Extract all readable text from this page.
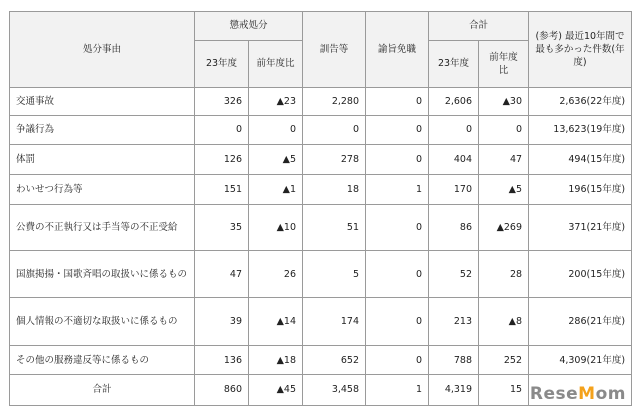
処分事由	懲戒処分		訓告等	諭旨免職	合計		(参考) 最近10年間で最も多かった件数(年度)
	23年度	前年度比			23年度	前年度比	
交通事故	326	▲23	2,280	0	2,606	▲30	2,636(22年度)
争議行為	0	0	0	0	0	0	13,623(19年度)
体罰	126	▲5	278	0	404	47	494(15年度)
わいせつ行為等	151	▲1	18	1	170	▲5	196(15年度)
公費の不正執行又は手当等の不正受給	35	▲10	51	0	86	▲269	371(21年度)
国旗掲揚・国歌斉唱の取扱いに係るもの	47	26	5	0	52	28	200(15年度)
個人情報の不適切な取扱いに係るもの	39	▲14	174	0	213	▲8	286(21年度)
その他の服務違反等に係るもの	136	▲18	652	0	788	252	4,309(21年度)
合計	860	▲45	3,458	1	4,319	15	ReseMom
